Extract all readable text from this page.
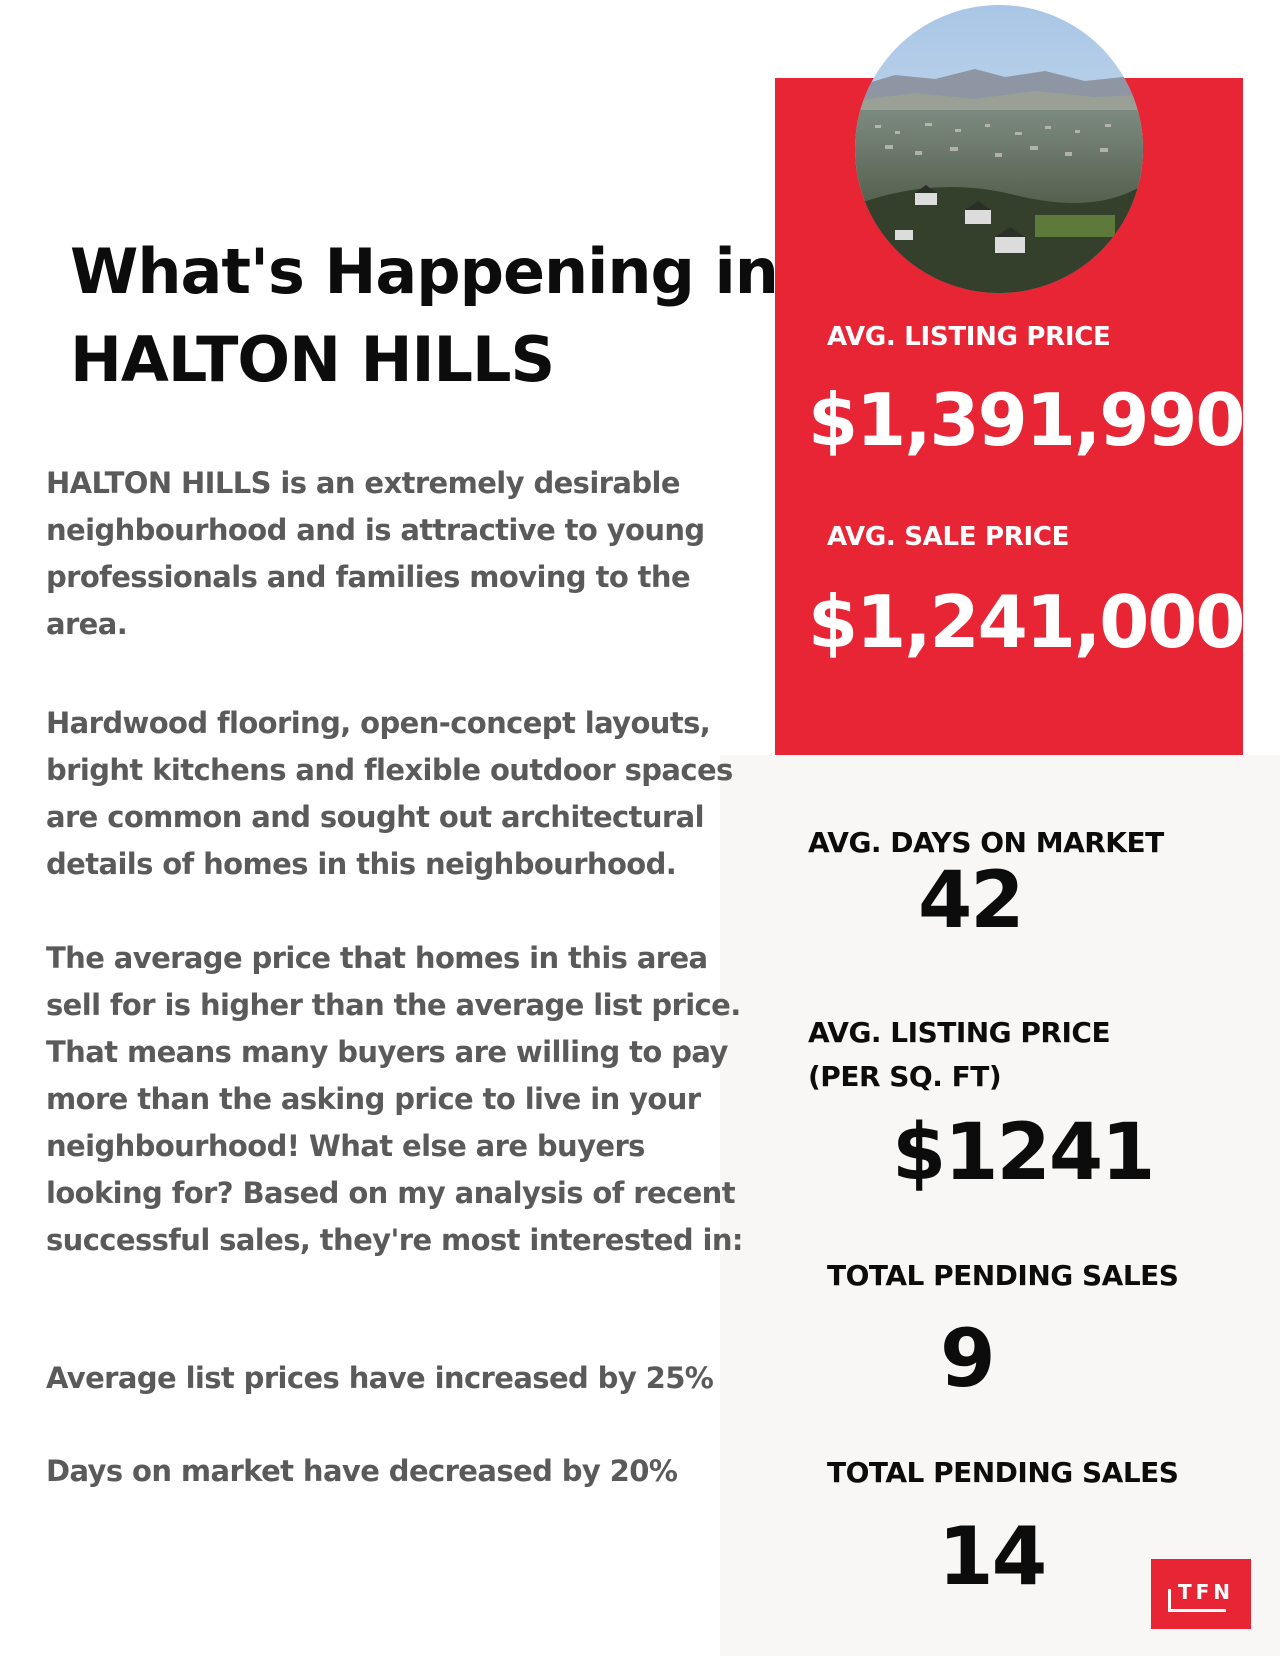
What's Happening in
HALTON HILLS

HALTON HILLS is an extremely desirable neighbourhood and is attractive to young professionals and families moving to the area.

Hardwood flooring, open-concept layouts, bright kitchens and flexible outdoor spaces are common and sought out architectural details of homes in this neighbourhood.

The average price that homes in this area sell for is higher than the average list price. That means many buyers are willing to pay more than the asking price to live in your neighbourhood! What else are buyers looking for? Based on my analysis of recent successful sales, they're most interested in:

Average list prices have increased by 25%

Days on market have decreased by 20%

AVG. LISTING PRICE
$1,391,990
AVG. SALE PRICE
$1,241,000
AVG. DAYS ON MARKET
42
AVG. LISTING PRICE
(PER SQ. FT)
$1241
TOTAL PENDING SALES
9
TOTAL PENDING SALES
14	TFN
